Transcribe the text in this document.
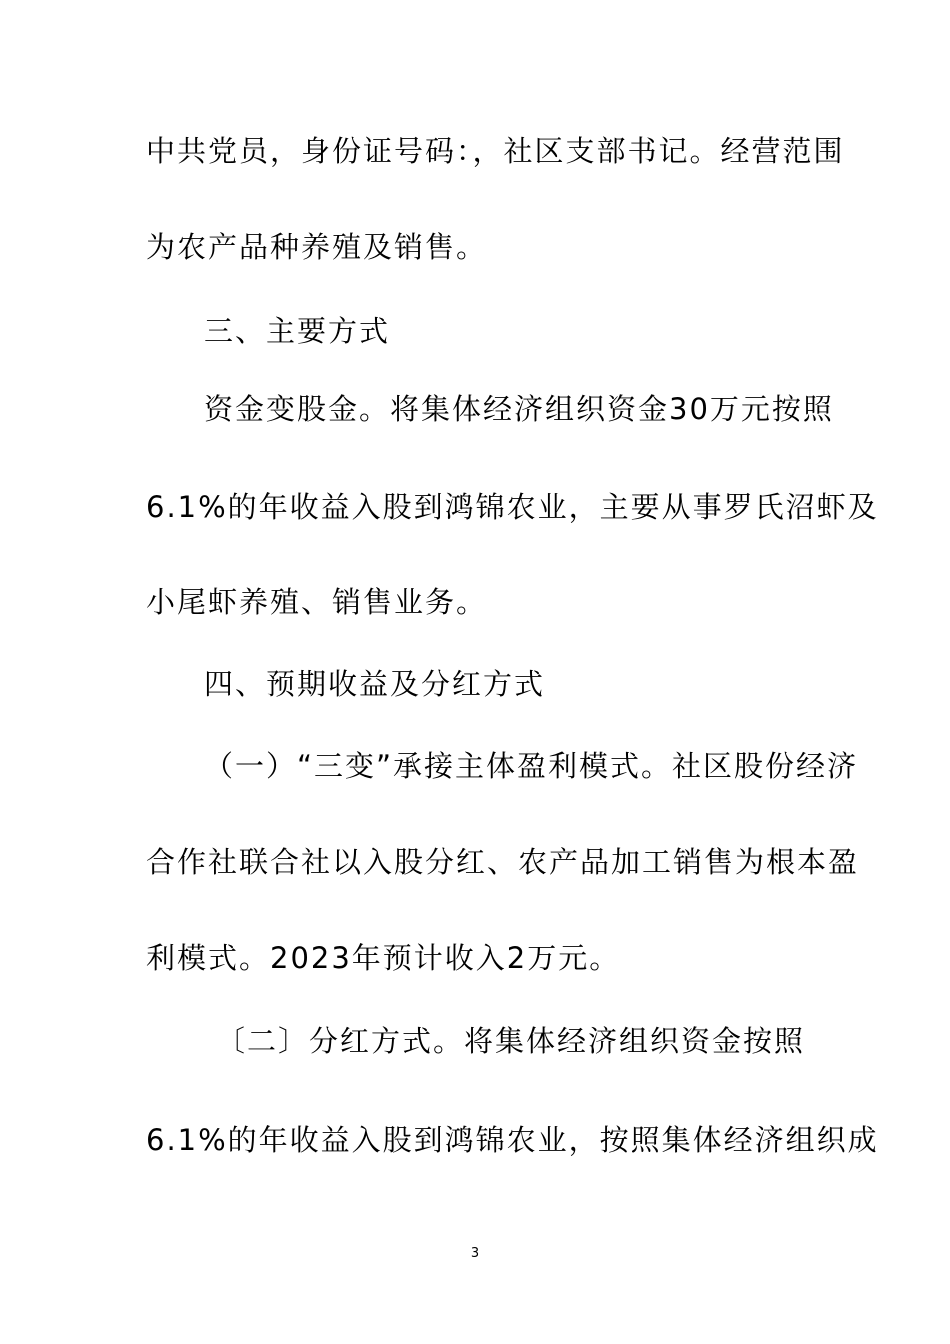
中共党员，身份证号码：，社区支部书记。经营范围
为农产品种养殖及销售。
三、主要方式
资金变股金。将集体经济组织资金30万元按照
6.1%的年收益入股到鸿锦农业，主要从事罗氏沼虾及
小尾虾养殖、销售业务。
四、预期收益及分红方式
（一）“三变”承接主体盈利模式。社区股份经济
合作社联合社以入股分红、农产品加工销售为根本盈
利模式。2023年预计收入2万元。
〔二〕分红方式。将集体经济组织资金按照
6.1%的年收益入股到鸿锦农业，按照集体经济组织成
3
